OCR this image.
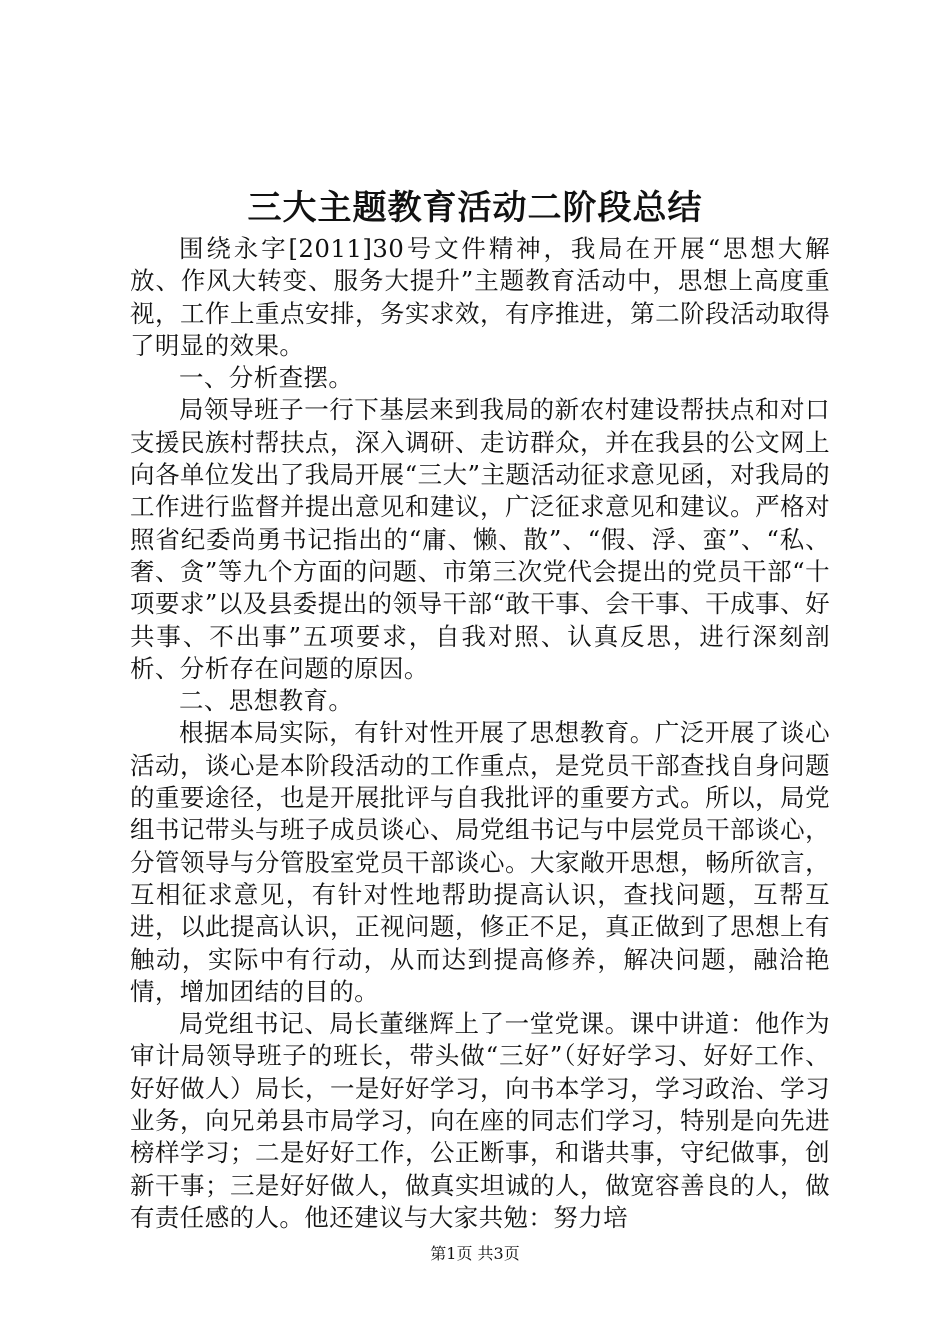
三大主题教育活动二阶段总结

围绕永字[2011]30号文件精神，我局在开展“思想大解放、作风大转变、服务大提升”主题教育活动中，思想上高度重视，工作上重点安排，务实求效，有序推进，第二阶段活动取得了明显的效果。

一、分析查摆。

局领导班子一行下基层来到我局的新农村建设帮扶点和对口支援民族村帮扶点，深入调研、走访群众，并在我县的公文网上向各单位发出了我局开展“三大”主题活动征求意见函，对我局的工作进行监督并提出意见和建议，广泛征求意见和建议。严格对照省纪委尚勇书记指出的“庸、懒、散”、“假、浮、蛮”、“私、奢、贪”等九个方面的问题、市第三次党代会提出的党员干部“十项要求”以及县委提出的领导干部“敢干事、会干事、干成事、好共事、不出事”五项要求，自我对照、认真反思，进行深刻剖析、分析存在问题的原因。

二、思想教育。

根据本局实际，有针对性开展了思想教育。广泛开展了谈心活动，谈心是本阶段活动的工作重点，是党员干部查找自身问题的重要途径，也是开展批评与自我批评的重要方式。所以，局党组书记带头与班子成员谈心、局党组书记与中层党员干部谈心，分管领导与分管股室党员干部谈心。大家敞开思想，畅所欲言，互相征求意见，有针对性地帮助提高认识，查找问题，互帮互进，以此提高认识，正视问题，修正不足，真正做到了思想上有触动，实际中有行动，从而达到提高修养，解决问题，融洽艳情，增加团结的目的。

局党组书记、局长董继辉上了一堂党课。课中讲道：他作为审计局领导班子的班长，带头做“三好”（好好学习、好好工作、好好做人）局长，一是好好学习，向书本学习，学习政治、学习业务，向兄弟县市局学习，向在座的同志们学习，特别是向先进榜样学习；二是好好工作，公正断事，和谐共事，守纪做事，创新干事；三是好好做人，做真实坦诚的人，做宽容善良的人，做有责任感的人。他还建议与大家共勉：努力培

第1页 共3页
